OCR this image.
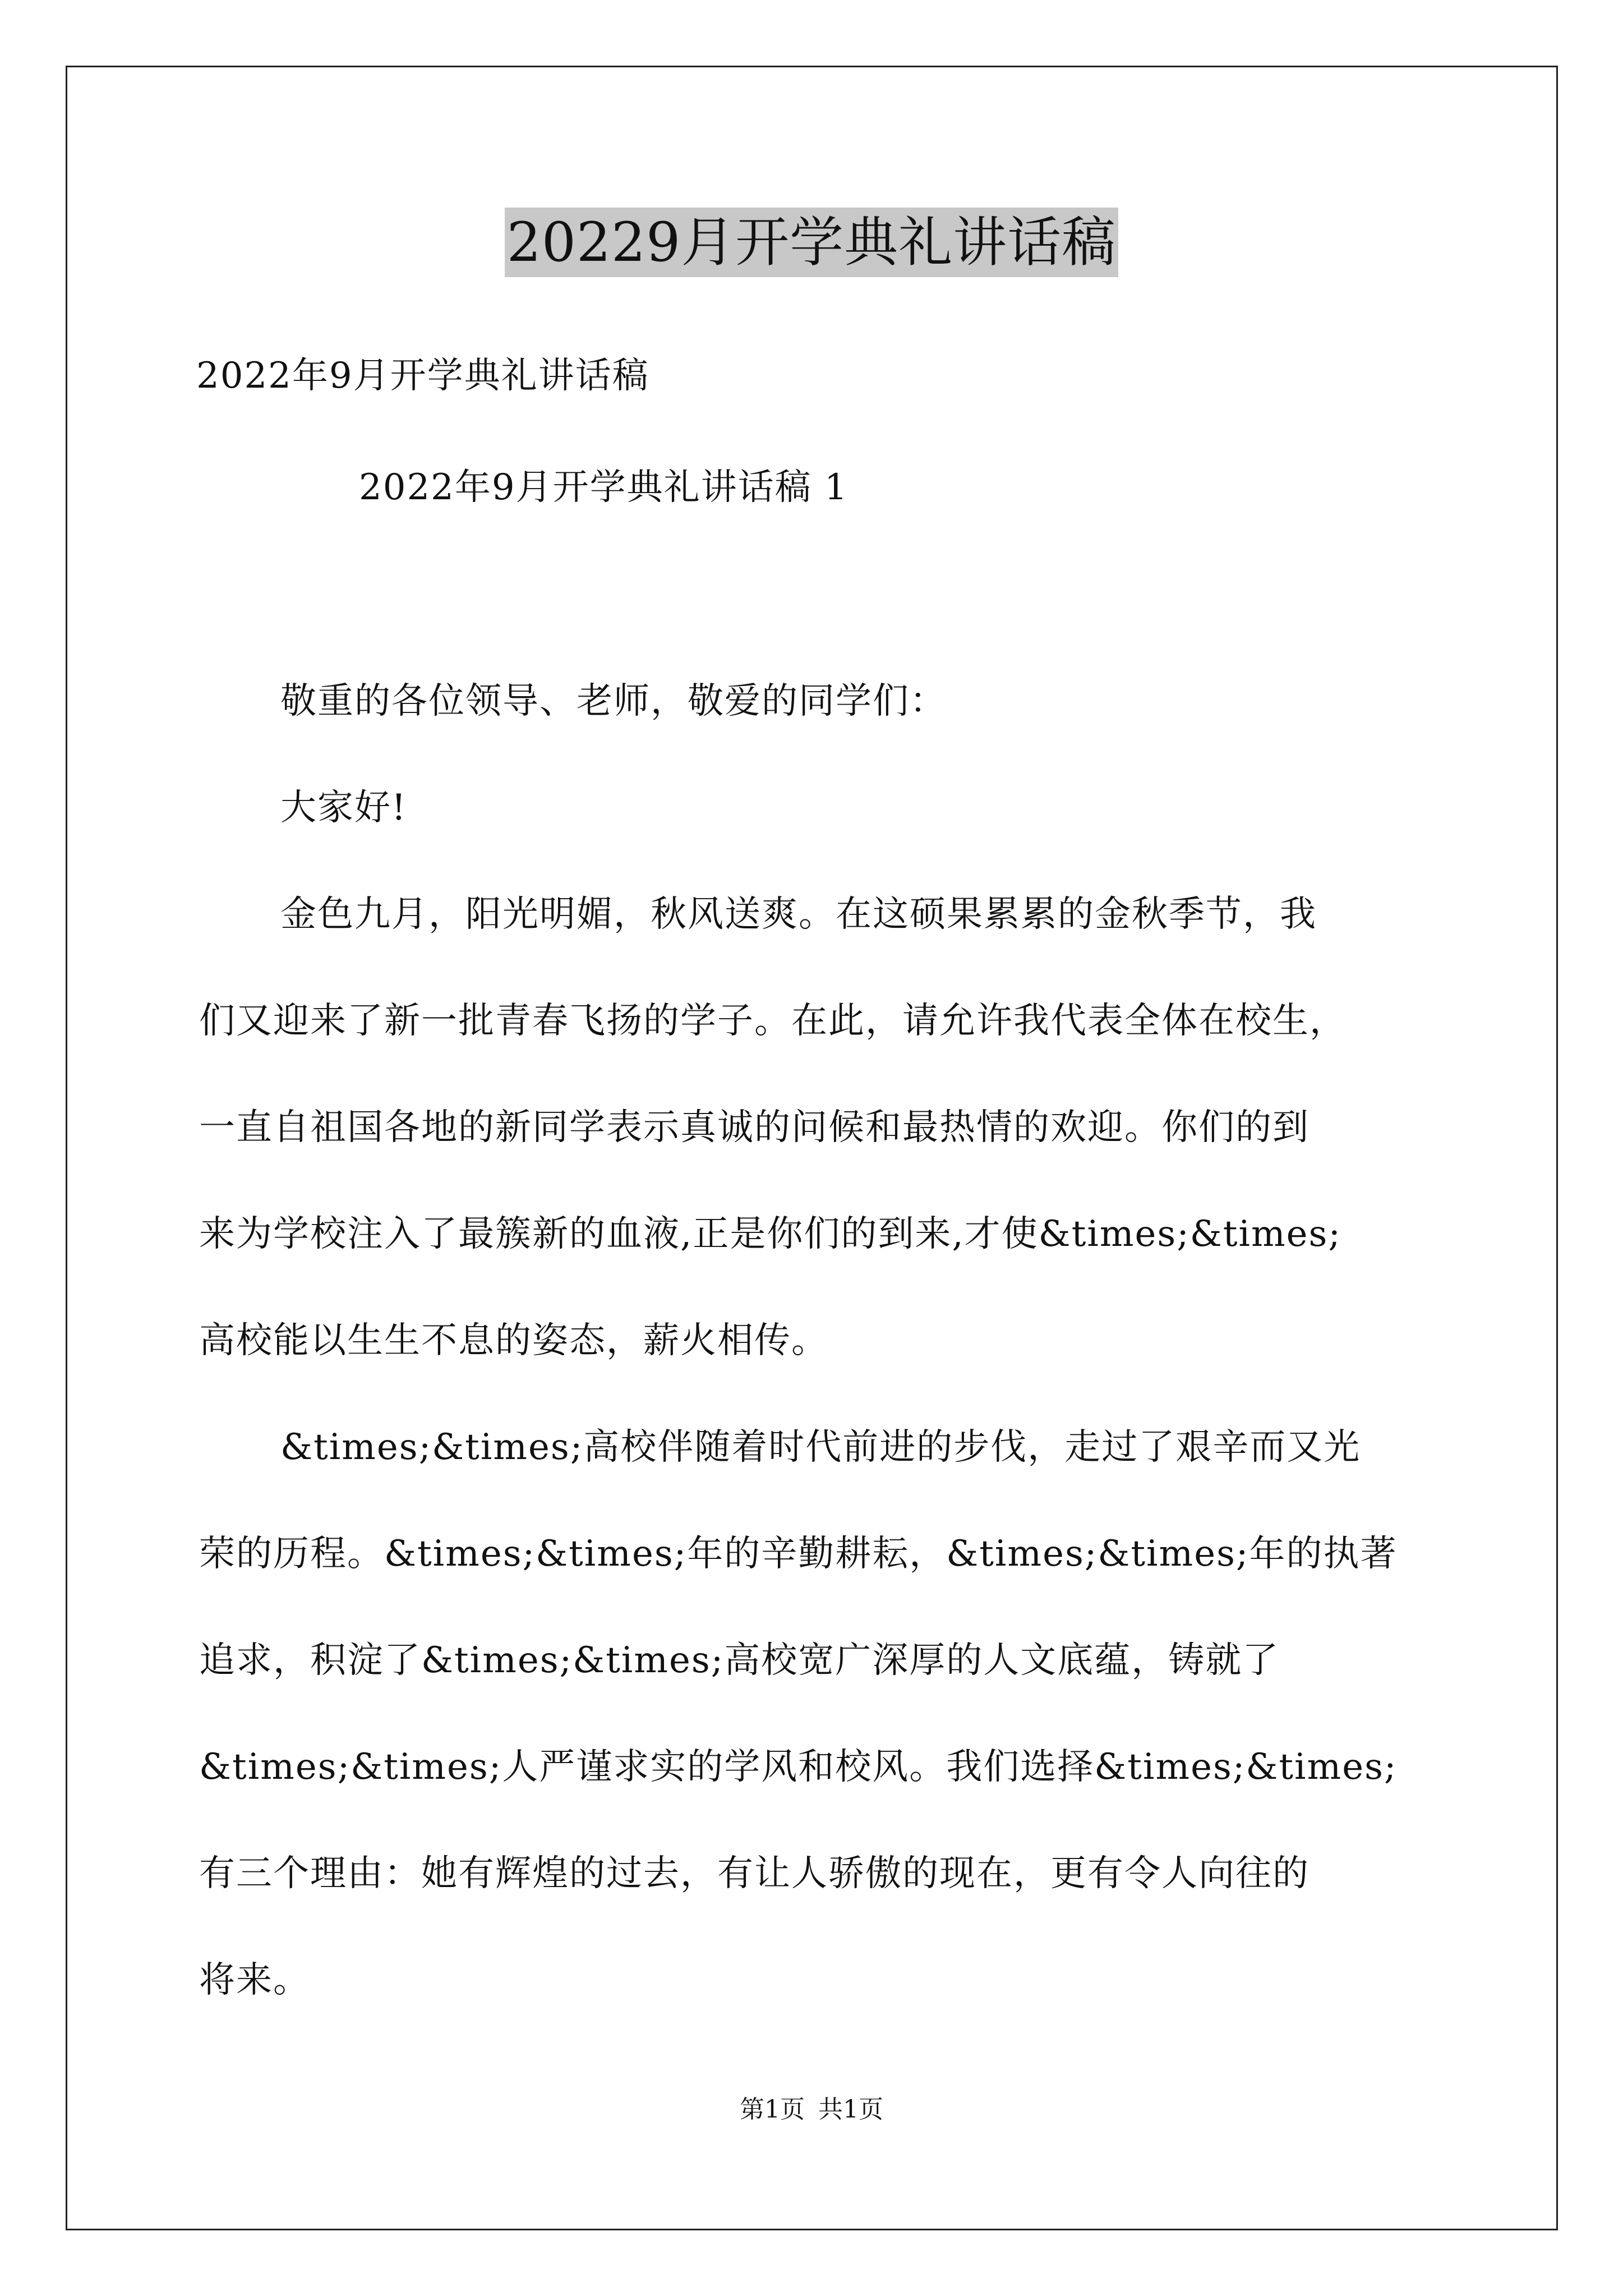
20229月开学典礼讲话稿
2022年9月开学典礼讲话稿
2022年9月开学典礼讲话稿 1
敬重的各位领导、老师，敬爱的同学们：
大家好!
金色九月，阳光明媚，秋风送爽。在这硕果累累的金秋季节，我
们又迎来了新一批青春飞扬的学子。在此，请允许我代表全体在校生，
一直自祖国各地的新同学表示真诚的问候和最热情的欢迎。你们的到
来为学校注入了最簇新的血液,正是你们的到来,才使&times;&times;
高校能以生生不息的姿态，薪火相传。
&times;&times;高校伴随着时代前进的步伐，走过了艰辛而又光
荣的历程。&times;&times;年的辛勤耕耘，&times;&times;年的执著
追求，积淀了&times;&times;高校宽广深厚的人文底蕴，铸就了
&times;&times;人严谨求实的学风和校风。我们选择&times;&times;
有三个理由：她有辉煌的过去，有让人骄傲的现在，更有令人向往的
将来。
第1页 共1页
